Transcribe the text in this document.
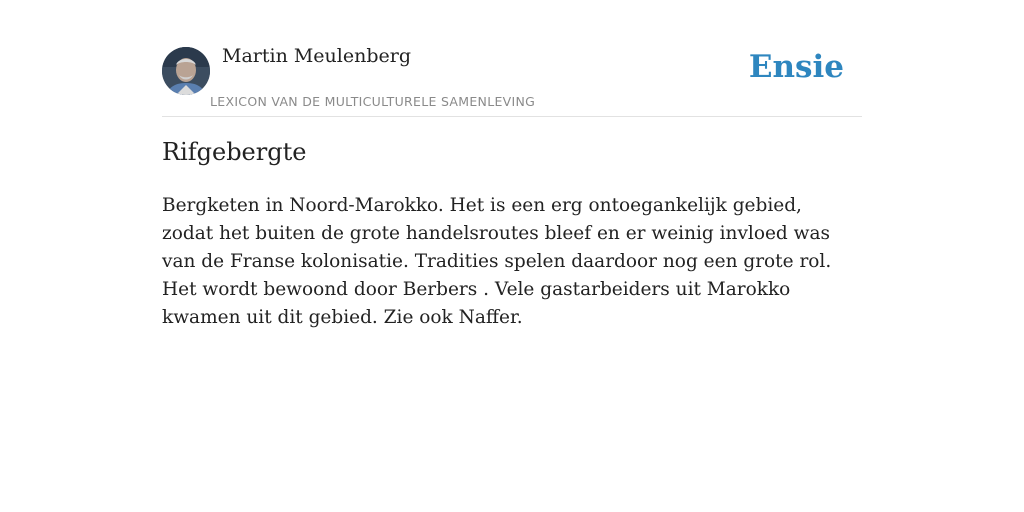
Martin Meulenberg
LEXICON VAN DE MULTICULTURELE SAMENLEVING
Ensie
Rifgebergte

Bergketen in Noord-Marokko. Het is een erg ontoegankelijk gebied, zodat het buiten de grote handelsroutes bleef en er weinig invloed was van de Franse kolonisatie. Tradities spelen daardoor nog een grote rol. Het wordt bewoond door Berbers . Vele gastarbeiders uit Marokko kwamen uit dit gebied. Zie ook Naffer.
